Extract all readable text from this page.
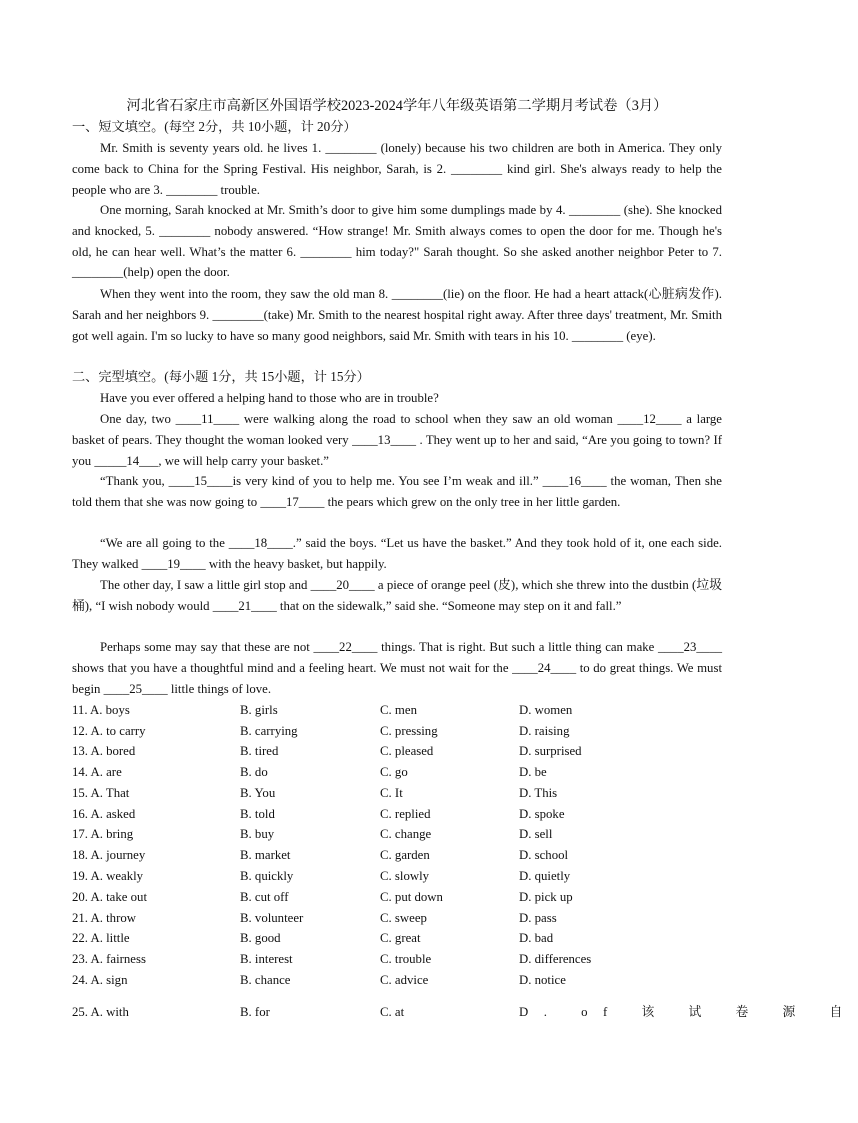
河北省石家庄市高新区外国语学校2023-2024学年八年级英语第二学期月考试卷（3月）
一、短文填空。(每空 2分，共 10小题，计 20分）
Mr. Smith is seventy years old. he lives 1. ________ (lonely) because his two children are both in America. They only come back to China for the Spring Festival. His neighbor, Sarah, is 2. ________ kind girl. She's always ready to help the people who are 3. ________ trouble.
One morning, Sarah knocked at Mr. Smith’s door to give him some dumplings made by 4. ________ (she). She knocked and knocked, 5. ________ nobody answered. “How strange! Mr. Smith always comes to open the door for me. Though he's old, he can hear well. What’s the matter 6. ________ him today?" Sarah thought. So she asked another neighbor Peter to 7. ________(help) open the door.
When they went into the room, they saw the old man 8. ________(lie) on the floor. He had a heart attack(心脏病发作). Sarah and her neighbors 9. ________(take) Mr. Smith to the nearest hospital right away. After three days' treatment, Mr. Smith got well again. I'm so lucky to have so many good neighbors, said Mr. Smith with tears in his 10. ________ (eye).
二、完型填空。(每小题 1分，共 15小题，计 15分）
Have you ever offered a helping hand to those who are in trouble?
One day, two ____11____ were walking along the road to school when they saw an old woman ____12____ a large basket of pears. They thought the woman looked very ____13____ . They went up to her and said, “Are you going to town? If you _____14___, we will help carry your basket.”
“Thank you, ____15____is very kind of you to help me. You see I’m weak and ill.” ____16____ the woman, Then she told them that she was now going to ____17____ the pears which grew on the only tree in her little garden.
“We are all going to the ____18____.” said the boys. “Let us have the basket.” And they took hold of it, one each side. They walked ____19____ with the heavy basket, but happily.
The other day, I saw a little girl stop and ____20____ a piece of orange peel (皮), which she threw into the dustbin (垃圾桶), “I wish nobody would ____21____ that on the sidewalk,” said she. “Someone may step on it and fall.”
Perhaps some may say that these are not ____22____ things. That is right. But such a little thing can make ____23____ shows that you have a thoughtful mind and a feeling heart. We must not wait for the ____24____ to do great things. We must begin ____25____ little things of love.
11. A. boys	B. girls	C. men	D. women
12. A. to carry	B. carrying	C. pressing	D. raising
13. A. bored	B. tired	C. pleased	D. surprised
14. A. are	B. do	C. go	D. be
15. A. That	B. You	C. It	D. This
16. A. asked	B. told	C. replied	D. spoke
17. A. bring	B. buy	C. change	D. sell
18. A. journey	B. market	C. garden	D. school
19. A. weakly	B. quickly	C. slowly	D. quietly
20. A. take out	B. cut off	C. put down	D. pick up
21. A. throw	B. volunteer	C. sweep	D. pass
22. A. little	B. good	C. great	D. bad
23. A. fairness	B. interest	C. trouble	D. differences
24. A. sign	B. chance	C. advice	D. notice
25. A. with	B. for	C. at	D. of 该 试 卷 源 自
